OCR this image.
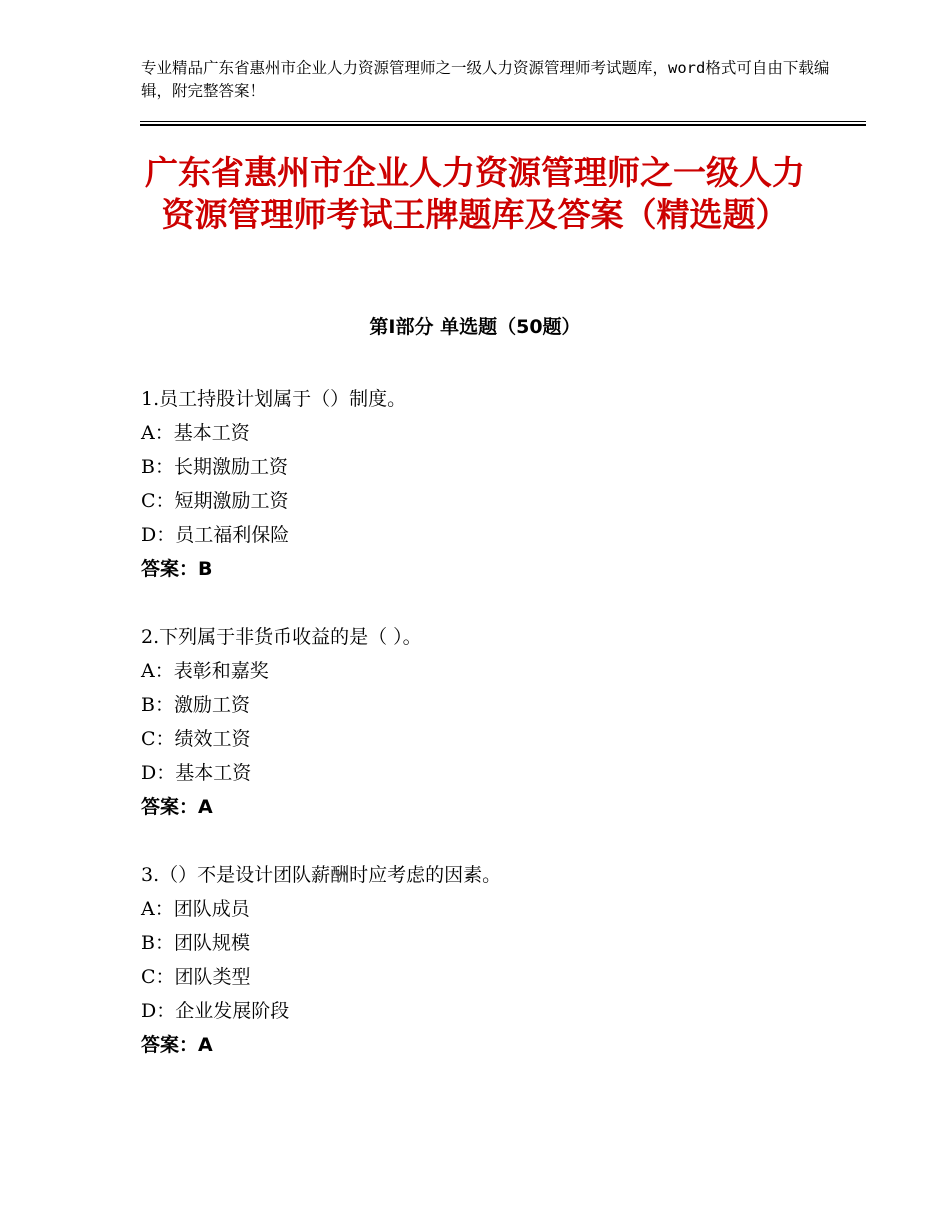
专业精品广东省惠州市企业人力资源管理师之一级人力资源管理师考试题库，word格式可自由下载编辑，附完整答案！
广东省惠州市企业人力资源管理师之一级人力资源管理师考试王牌题库及答案（精选题）
第Ⅰ部分 单选题（50题）
1.员工持股计划属于（）制度。
A：基本工资
B：长期激励工资
C：短期激励工资
D：员工福利保险
答案：B
2.下列属于非货币收益的是（ ）。
A：表彰和嘉奖
B：激励工资
C：绩效工资
D：基本工资
答案：A
3.（）不是设计团队薪酬时应考虑的因素。
A：团队成员
B：团队规模
C：团队类型
D：企业发展阶段
答案：A
